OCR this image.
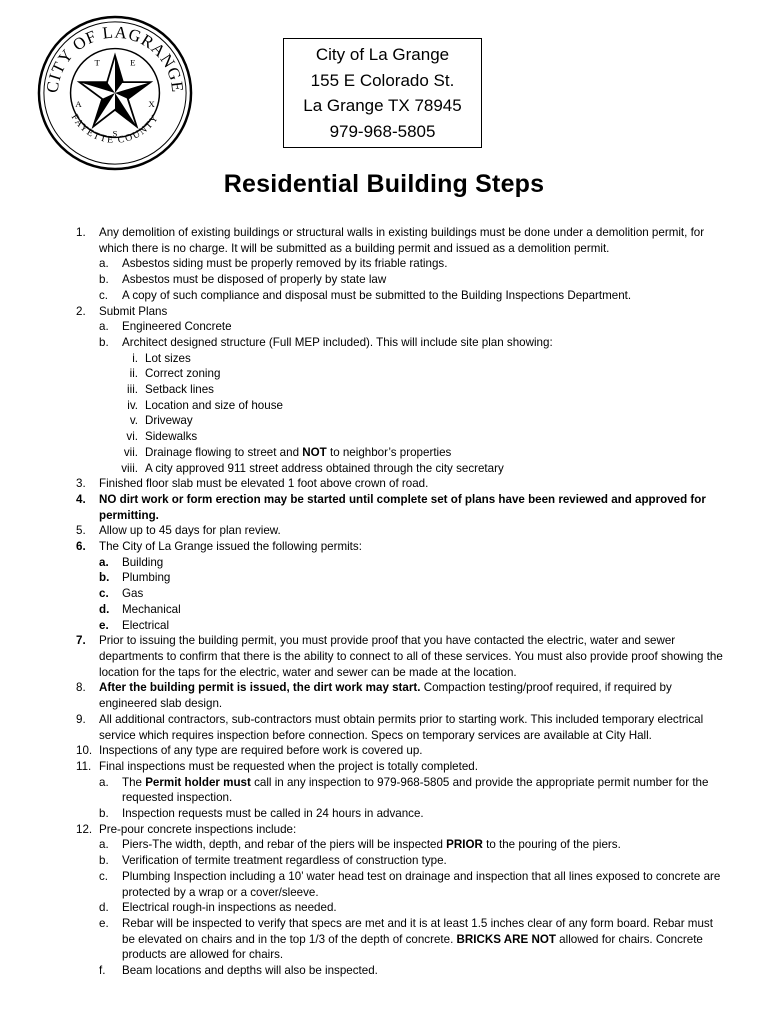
CITY OF LAGRANGE
FAYETTE COUNTY
T	E
X
S
A
City of La Grange
155 E Colorado St.
La Grange TX 78945
979-968-5805
Residential Building Steps
1.	Any demolition of existing buildings or structural walls in existing buildings must be done under a demolition permit, for which there is no charge. It will be submitted as a building permit and issued as a demolition permit.
a.	Asbestos siding must be properly removed by its friable ratings.
b.	Asbestos must be disposed of properly by state law
c.	A copy of such compliance and disposal must be submitted to the Building Inspections Department.
2.	Submit Plans
a.	Engineered Concrete
b.	Architect designed structure (Full MEP included). This will include site plan showing:
i. Lot sizes
ii. Correct zoning
iii. Setback lines
iv. Location and size of house
v. Driveway
vi. Sidewalks
vii. Drainage flowing to street and NOT to neighbor’s properties
viii. A city approved 911 street address obtained through the city secretary
3.	Finished floor slab must be elevated 1 foot above crown of road.
4.	NO dirt work or form erection may be started until complete set of plans have been reviewed and approved for permitting.
5.	Allow up to 45 days for plan review.
6.	The City of La Grange issued the following permits:
a.	Building
b.	Plumbing
c.	Gas
d.	Mechanical
e.	Electrical
7.	Prior to issuing the building permit, you must provide proof that you have contacted the electric, water and sewer departments to confirm that there is the ability to connect to all of these services. You must also provide proof showing the location for the taps for the electric, water and sewer can be made at the location.
8.	After the building permit is issued, the dirt work may start. Compaction testing/proof required, if required by engineered slab design.
9.	All additional contractors, sub-contractors must obtain permits prior to starting work. This included temporary electrical service which requires inspection before connection. Specs on temporary services are available at City Hall.
10. Inspections of any type are required before work is covered up.
11. Final inspections must be requested when the project is totally completed.
a.	The Permit holder must call in any inspection to 979-968-5805 and provide the appropriate permit number for the requested inspection.
b.	Inspection requests must be called in 24 hours in advance.
12. Pre-pour concrete inspections include:
a.	Piers-The width, depth, and rebar of the piers will be inspected PRIOR to the pouring of the piers.
b.	Verification of termite treatment regardless of construction type.
c.	Plumbing Inspection including a 10’ water head test on drainage and inspection that all lines exposed to concrete are protected by a wrap or a cover/sleeve.
d.	Electrical rough-in inspections as needed.
e.	Rebar will be inspected to verify that specs are met and it is at least 1.5 inches clear of any form board. Rebar must be elevated on chairs and in the top 1/3 of the depth of concrete. BRICKS ARE NOT allowed for chairs. Concrete products are allowed for chairs.
f.	Beam locations and depths will also be inspected.
